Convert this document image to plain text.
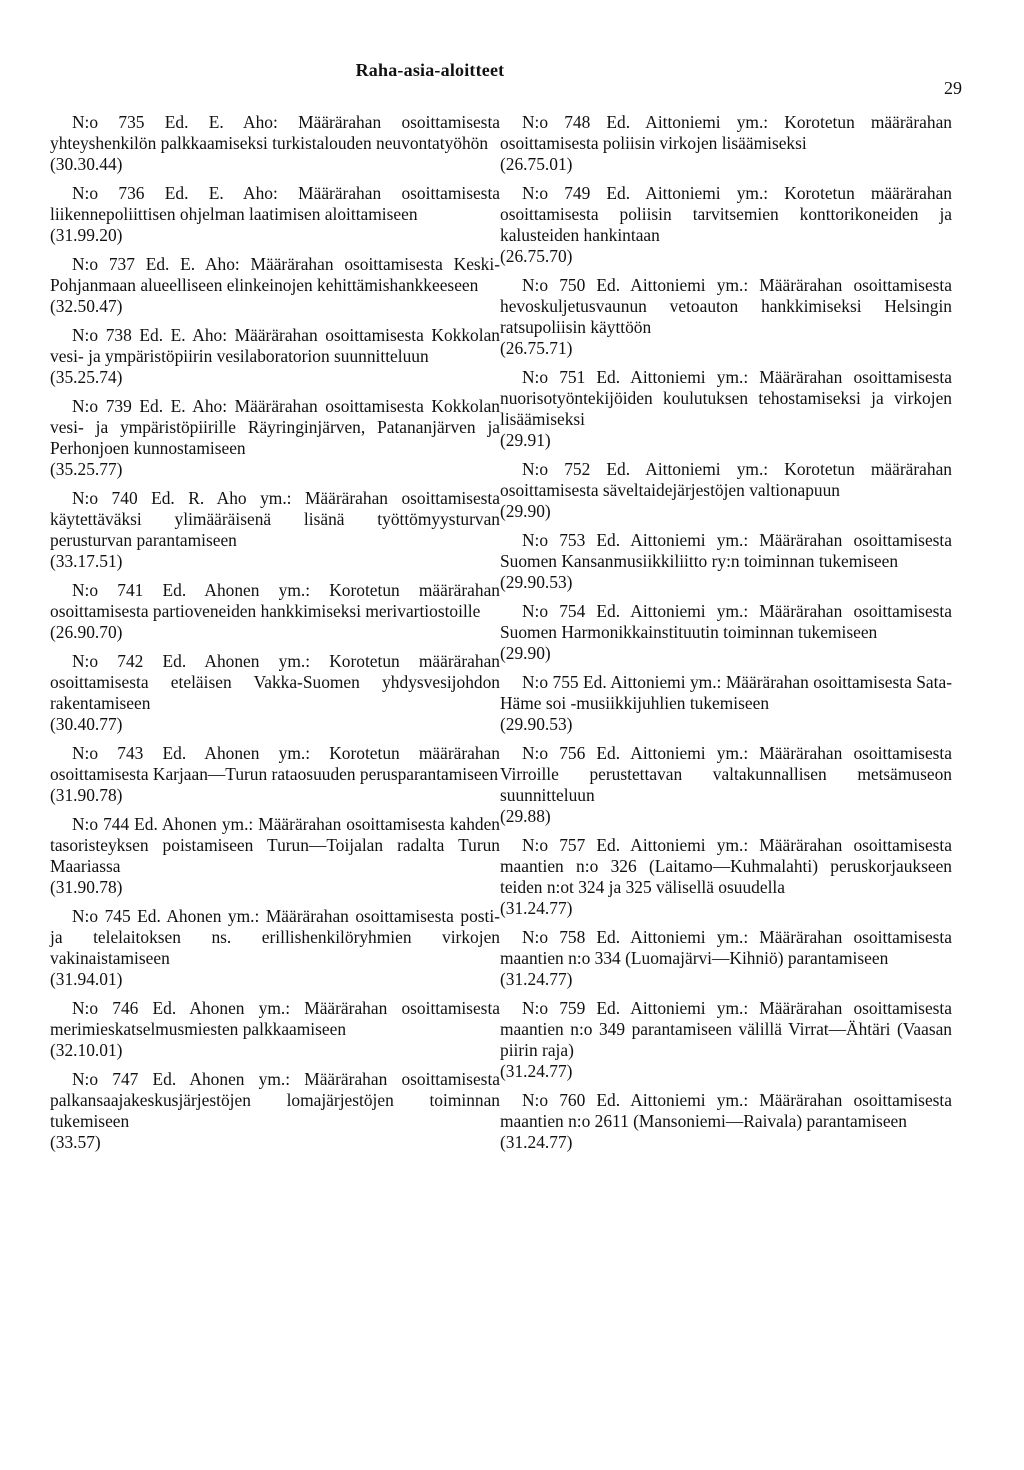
Raha-asia-aloitteet
29
N:o 735 Ed. E. Aho: Määrärahan osoittamisesta yhteyshenkilön palkkaamiseksi turkistalouden neuvontatyöhön
(30.30.44)
N:o 736 Ed. E. Aho: Määrärahan osoittamisesta liikennepoliittisen ohjelman laatimisen aloittamiseen
(31.99.20)
N:o 737 Ed. E. Aho: Määrärahan osoittamisesta Keski-Pohjanmaan alueelliseen elinkeinojen kehittämishankkeeseen
(32.50.47)
N:o 738 Ed. E. Aho: Määrärahan osoittamisesta Kokkolan vesi- ja ympäristöpiirin vesilaboratorion suunnitteluun
(35.25.74)
N:o 739 Ed. E. Aho: Määrärahan osoittamisesta Kokkolan vesi- ja ympäristöpiirille Räyringinjärven, Patananjärven ja Perhonjoen kunnostamiseen
(35.25.77)
N:o 740 Ed. R. Aho ym.: Määrärahan osoittamisesta käytettäväksi ylimääräisenä lisänä työttömyysturvan perusturvan parantamiseen
(33.17.51)
N:o 741 Ed. Ahonen ym.: Korotetun määrärahan osoittamisesta partioveneiden hankkimiseksi merivartiostoille
(26.90.70)
N:o 742 Ed. Ahonen ym.: Korotetun määrärahan osoittamisesta eteläisen Vakka-Suomen yhdysvesijohdon rakentamiseen
(30.40.77)
N:o 743 Ed. Ahonen ym.: Korotetun määrärahan osoittamisesta Karjaan—Turun rataosuuden perusparantamiseen
(31.90.78)
N:o 744 Ed. Ahonen ym.: Määrärahan osoittamisesta kahden tasoristeyksen poistamiseen Turun—Toijalan radalta Turun Maariassa
(31.90.78)
N:o 745 Ed. Ahonen ym.: Määrärahan osoittamisesta posti- ja telelaitoksen ns. erillishenkilöryhmien virkojen vakinaistamiseen
(31.94.01)
N:o 746 Ed. Ahonen ym.: Määrärahan osoittamisesta merimieskatselmusmiesten palkkaamiseen
(32.10.01)
N:o 747 Ed. Ahonen ym.: Määrärahan osoittamisesta palkansaajakeskusjärjestöjen lomajärjestöjen toiminnan tukemiseen
(33.57)
N:o 748 Ed. Aittoniemi ym.: Korotetun määrärahan osoittamisesta poliisin virkojen lisäämiseksi
(26.75.01)
N:o 749 Ed. Aittoniemi ym.: Korotetun määrärahan osoittamisesta poliisin tarvitsemien konttorikoneiden ja kalusteiden hankintaan
(26.75.70)
N:o 750 Ed. Aittoniemi ym.: Määrärahan osoittamisesta hevoskuljetusvaunun vetoauton hankkimiseksi Helsingin ratsupoliisin käyttöön
(26.75.71)
N:o 751 Ed. Aittoniemi ym.: Määrärahan osoittamisesta nuorisotyöntekijöiden koulutuksen tehostamiseksi ja virkojen lisäämiseksi
(29.91)
N:o 752 Ed. Aittoniemi ym.: Korotetun määrärahan osoittamisesta säveltaidejärjestöjen valtionapuun
(29.90)
N:o 753 Ed. Aittoniemi ym.: Määrärahan osoittamisesta Suomen Kansanmusiikkiliitto ry:n toiminnan tukemiseen
(29.90.53)
N:o 754 Ed. Aittoniemi ym.: Määrärahan osoittamisesta Suomen Harmonikkainstituutin toiminnan tukemiseen
(29.90)
N:o 755 Ed. Aittoniemi ym.: Määrärahan osoittamisesta Sata-Häme soi -musiikkijuhlien tukemiseen
(29.90.53)
N:o 756 Ed. Aittoniemi ym.: Määrärahan osoittamisesta Virroille perustettavan valtakunnallisen metsämuseon suunnitteluun
(29.88)
N:o 757 Ed. Aittoniemi ym.: Määrärahan osoittamisesta maantien n:o 326 (Laitamo—Kuhmalahti) peruskorjaukseen teiden n:ot 324 ja 325 välisellä osuudella
(31.24.77)
N:o 758 Ed. Aittoniemi ym.: Määrärahan osoittamisesta maantien n:o 334 (Luomajärvi—Kihniö) parantamiseen
(31.24.77)
N:o 759 Ed. Aittoniemi ym.: Määrärahan osoittamisesta maantien n:o 349 parantamiseen välillä Virrat—Ähtäri (Vaasan piirin raja)
(31.24.77)
N:o 760 Ed. Aittoniemi ym.: Määrärahan osoittamisesta maantien n:o 2611 (Mansoniemi—Raivala) parantamiseen
(31.24.77)
